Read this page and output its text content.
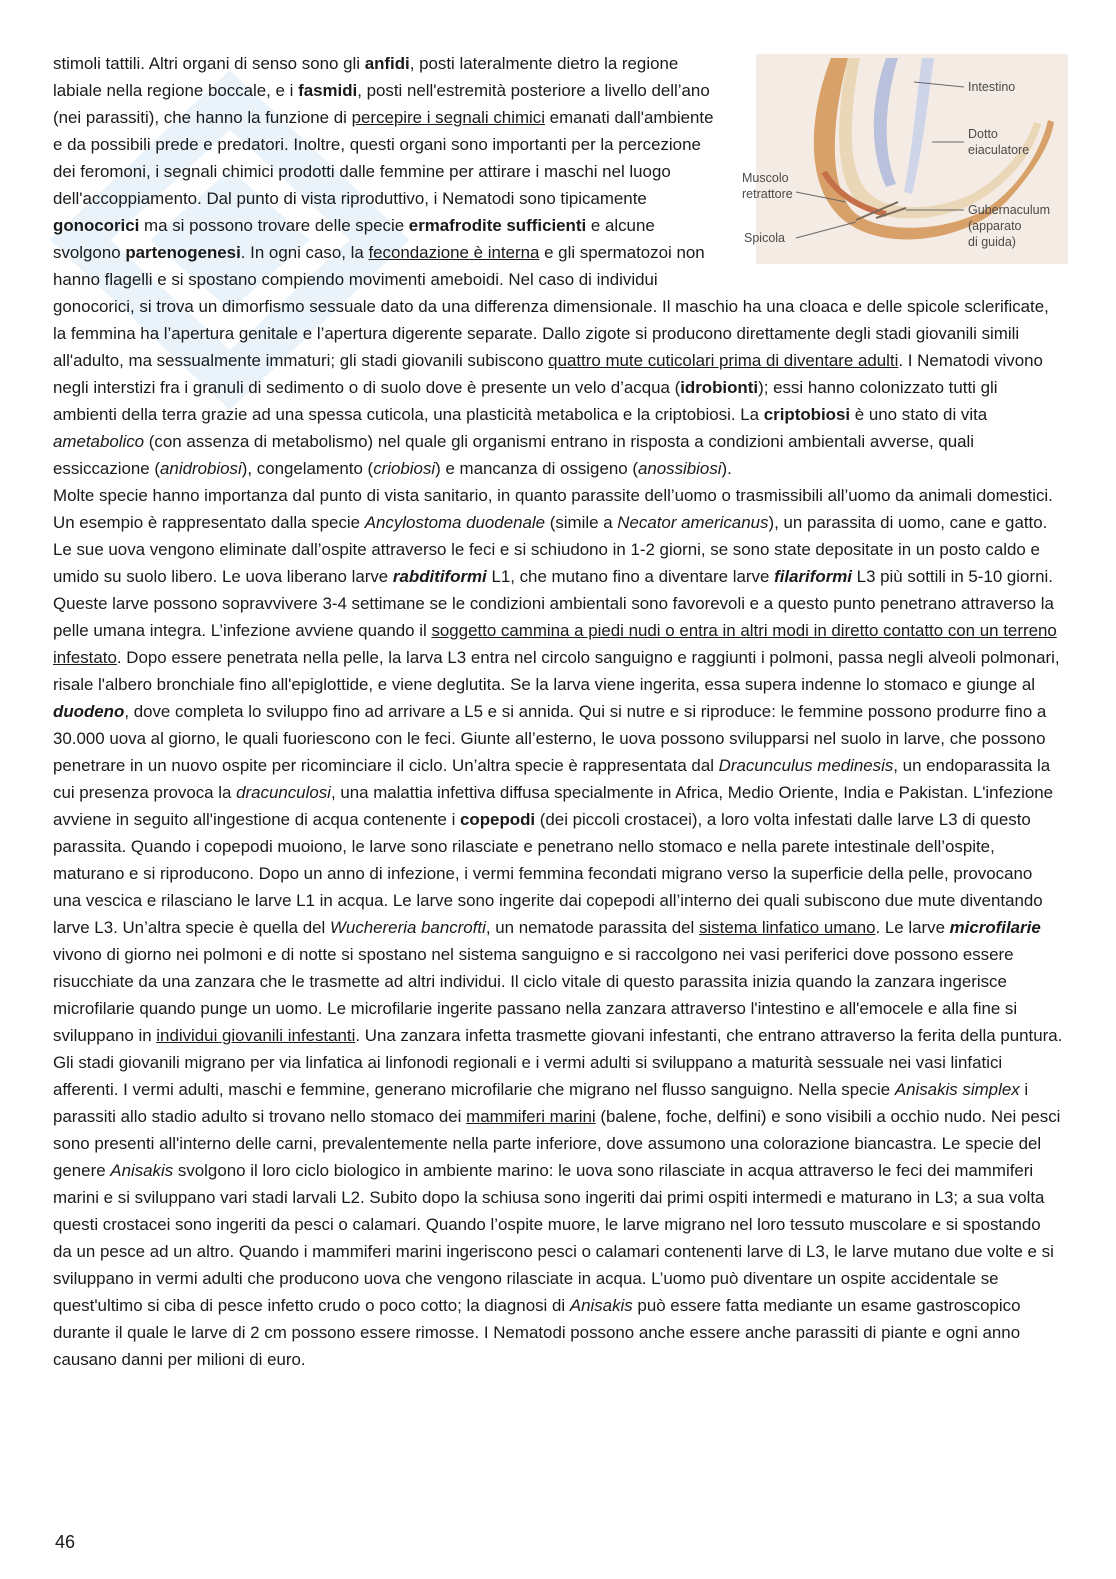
Intestino
Dotto
eiaculatore
Muscolo
retrattore
Spicola
Gubernaculum
(apparato
di guida)

stimoli tattili. Altri organi di senso sono gli anfidi, posti lateralmente dietro la regione labiale nella regione boccale, e i fasmidi, posti nell'estremità posteriore a livello dell’ano (nei parassiti), che hanno la funzione di percepire i segnali chimici emanati dall'ambiente e da possibili prede e predatori. Inoltre, questi organi sono importanti per la percezione dei feromoni, i segnali chimici prodotti dalle femmine per attirare i maschi nel luogo dell'accoppiamento. Dal punto di vista riproduttivo, i Nematodi sono tipicamente gonocorici ma si possono trovare delle specie ermafrodite sufficienti e alcune svolgono partenogenesi. In ogni caso, la fecondazione è interna e gli spermatozoi non hanno flagelli e si spostano compiendo movimenti ameboidi. Nel caso di individui gonocorici, si trova un dimorfismo sessuale dato da una differenza dimensionale. Il maschio ha una cloaca e delle spicole sclerificate, la femmina ha l’apertura genitale e l’apertura digerente separate. Dallo zigote si producono direttamente degli stadi giovanili simili all'adulto, ma sessualmente immaturi; gli stadi giovanili subiscono quattro mute cuticolari prima di diventare adulti. I Nematodi vivono negli interstizi fra i granuli di sedimento o di suolo dove è presente un velo d’acqua (idrobionti); essi hanno colonizzato tutti gli ambienti della terra grazie ad una spessa cuticola, una plasticità metabolica e la criptobiosi. La criptobiosi è uno stato di vita ametabolico (con assenza di metabolismo) nel quale gli organismi entrano in risposta a condizioni ambientali avverse, quali essiccazione (anidrobiosi), congelamento (criobiosi) e mancanza di ossigeno (anossibiosi).

Molte specie hanno importanza dal punto di vista sanitario, in quanto parassite dell’uomo o trasmissibili all’uomo da animali domestici. Un esempio è rappresentato dalla specie Ancylostoma duodenale (simile a Necator americanus), un parassita di uomo, cane e gatto. Le sue uova vengono eliminate dall’ospite attraverso le feci e si schiudono in 1-2 giorni, se sono state depositate in un posto caldo e umido su suolo libero. Le uova liberano larve rabditiformi L1, che mutano fino a diventare larve filariformi L3 più sottili in 5-10 giorni. Queste larve possono sopravvivere 3-4 settimane se le condizioni ambientali sono favorevoli e a questo punto penetrano attraverso la pelle umana integra. L’infezione avviene quando il soggetto cammina a piedi nudi o entra in altri modi in diretto contatto con un terreno infestato. Dopo essere penetrata nella pelle, la larva L3 entra nel circolo sanguigno e raggiunti i polmoni, passa negli alveoli polmonari, risale l'albero bronchiale fino all'epiglottide, e viene deglutita. Se la larva viene ingerita, essa supera indenne lo stomaco e giunge al duodeno, dove completa lo sviluppo fino ad arrivare a L5 e si annida. Qui si nutre e si riproduce: le femmine possono produrre fino a 30.000 uova al giorno, le quali fuoriescono con le feci. Giunte all’esterno, le uova possono svilupparsi nel suolo in larve, che possono penetrare in un nuovo ospite per ricominciare il ciclo. Un’altra specie è rappresentata dal Dracunculus medinesis, un endoparassita la cui presenza provoca la dracunculosi, una malattia infettiva diffusa specialmente in Africa, Medio Oriente, India e Pakistan. L'infezione avviene in seguito all'ingestione di acqua contenente i copepodi (dei piccoli crostacei), a loro volta infestati dalle larve L3 di questo parassita. Quando i copepodi muoiono, le larve sono rilasciate e penetrano nello stomaco e nella parete intestinale dell’ospite, maturano e si riproducono. Dopo un anno di infezione, i vermi femmina fecondati migrano verso la superficie della pelle, provocano una vescica e rilasciano le larve L1 in acqua. Le larve sono ingerite dai copepodi all’interno dei quali subiscono due mute diventando larve L3. Un’altra specie è quella del Wuchereria bancrofti, un nematode parassita del sistema linfatico umano. Le larve microfilarie vivono di giorno nei polmoni e di notte si spostano nel sistema sanguigno e si raccolgono nei vasi periferici dove possono essere risucchiate da una zanzara che le trasmette ad altri individui. Il ciclo vitale di questo parassita inizia quando la zanzara ingerisce microfilarie quando punge un uomo. Le microfilarie ingerite passano nella zanzara attraverso l'intestino e all'emocele e alla fine si sviluppano in individui giovanili infestanti. Una zanzara infetta trasmette giovani infestanti, che entrano attraverso la ferita della puntura. Gli stadi giovanili migrano per via linfatica ai linfonodi regionali e i vermi adulti si sviluppano a maturità sessuale nei vasi linfatici afferenti. I vermi adulti, maschi e femmine, generano microfilarie che migrano nel flusso sanguigno. Nella specie Anisakis simplex i parassiti allo stadio adulto si trovano nello stomaco dei mammiferi marini (balene, foche, delfini) e sono visibili a occhio nudo. Nei pesci sono presenti all'interno delle carni, prevalentemente nella parte inferiore, dove assumono una colorazione biancastra. Le specie del genere Anisakis svolgono il loro ciclo biologico in ambiente marino: le uova sono rilasciate in acqua attraverso le feci dei mammiferi marini e si sviluppano vari stadi larvali L2. Subito dopo la schiusa sono ingeriti dai primi ospiti intermedi e maturano in L3; a sua volta questi crostacei sono ingeriti da pesci o calamari. Quando l’ospite muore, le larve migrano nel loro tessuto muscolare e si spostando da un pesce ad un altro. Quando i mammiferi marini ingeriscono pesci o calamari contenenti larve di L3, le larve mutano due volte e si sviluppano in vermi adulti che producono uova che vengono rilasciate in acqua. L’uomo può diventare un ospite accidentale se quest'ultimo si ciba di pesce infetto crudo o poco cotto; la diagnosi di Anisakis può essere fatta mediante un esame gastroscopico durante il quale le larve di 2 cm possono essere rimosse. I Nematodi possono anche essere anche parassiti di piante e ogni anno causano danni per milioni di euro.

46
